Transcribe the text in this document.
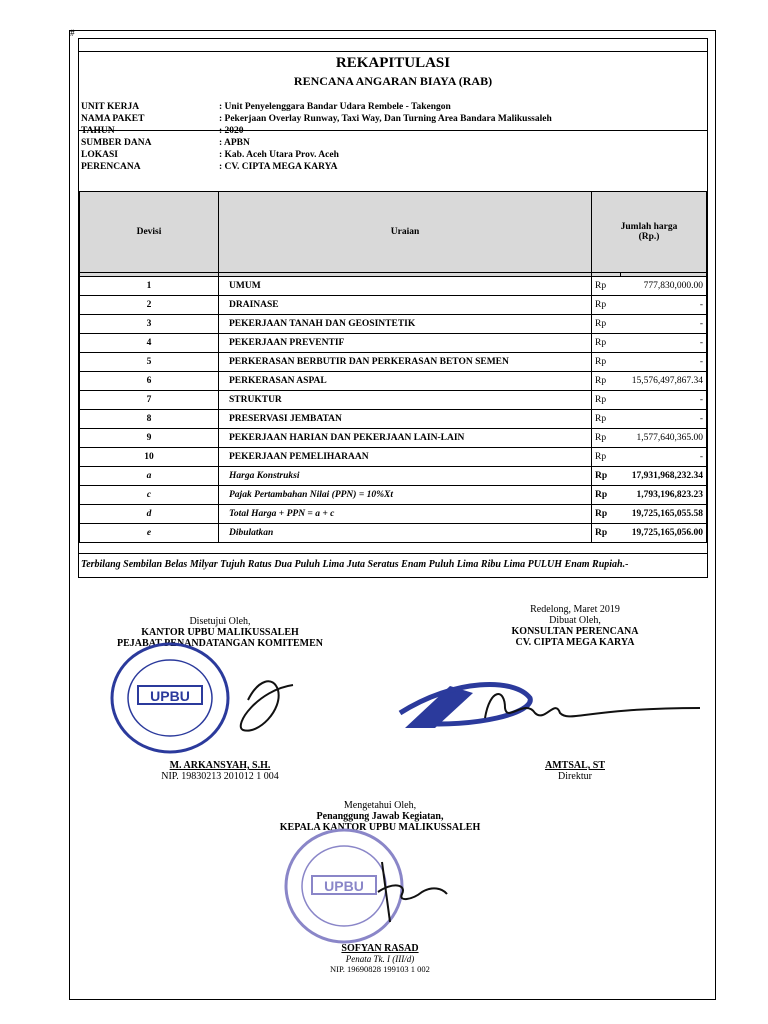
#
REKAPITULASI
RENCANA ANGARAN BIAYA (RAB)
UNIT KERJA	: Unit Penyelenggara Bandar Udara Rembele - Takengon
NAMA PAKET	: Pekerjaan Overlay Runway, Taxi Way, Dan Turning Area Bandara Malikussaleh
TAHUN	: 2020
SUMBER DANA	: APBN
LOKASI	: Kab. Aceh Utara Prov. Aceh
PERENCANA	: CV. CIPTA MEGA KARYA
Devisi	Uraian	Jumlah harga
(Rp.)	

1	UMUM	Rp	777,830,000.00
2	DRAINASE	Rp	-
3	PEKERJAAN TANAH DAN GEOSINTETIK	Rp	-
4	PEKERJAAN PREVENTIF	Rp	-
5	PERKERASAN BERBUTIR DAN PERKERASAN BETON SEMEN	Rp	-
6	PERKERASAN ASPAL	Rp	15,576,497,867.34
7	STRUKTUR	Rp	-
8	PRESERVASI JEMBATAN	Rp	-
9	PEKERJAAN HARIAN DAN PEKERJAAN LAIN-LAIN	Rp	1,577,640,365.00
10	PEKERJAAN PEMELIHARAAN	Rp	-
a	Harga Konstruksi	Rp	17,931,968,232.34
c	Pajak Pertambahan Nilai (PPN) = 10%Xt	Rp	1,793,196,823.23
d	Total Harga + PPN = a + c	Rp	19,725,165,055.58
e	Dibulatkan	Rp	19,725,165,056.00
Terbilang Sembilan Belas Milyar Tujuh Ratus Dua Puluh Lima Juta Seratus Enam Puluh Lima Ribu Lima PULUH Enam Rupiah.-
Disetujui Oleh,
KANTOR UPBU MALIKUSSALEH
PEJABAT PENANDATANGAN KOMITEMEN
M. ARKANSYAH, S.H.
NIP. 19830213 201012 1 004
Redelong, Maret 2019
Dibuat Oleh,
KONSULTAN PERENCANA
CV. CIPTA MEGA KARYA
AMTSAL, ST
Direktur
Mengetahui Oleh,
Penanggung Jawab Kegiatan,
KEPALA KANTOR UPBU MALIKUSSALEH
SOFYAN RASAD
Penata Tk. I (III/d)
NIP. 19690828 199103 1 002
UPBU
UPBU
